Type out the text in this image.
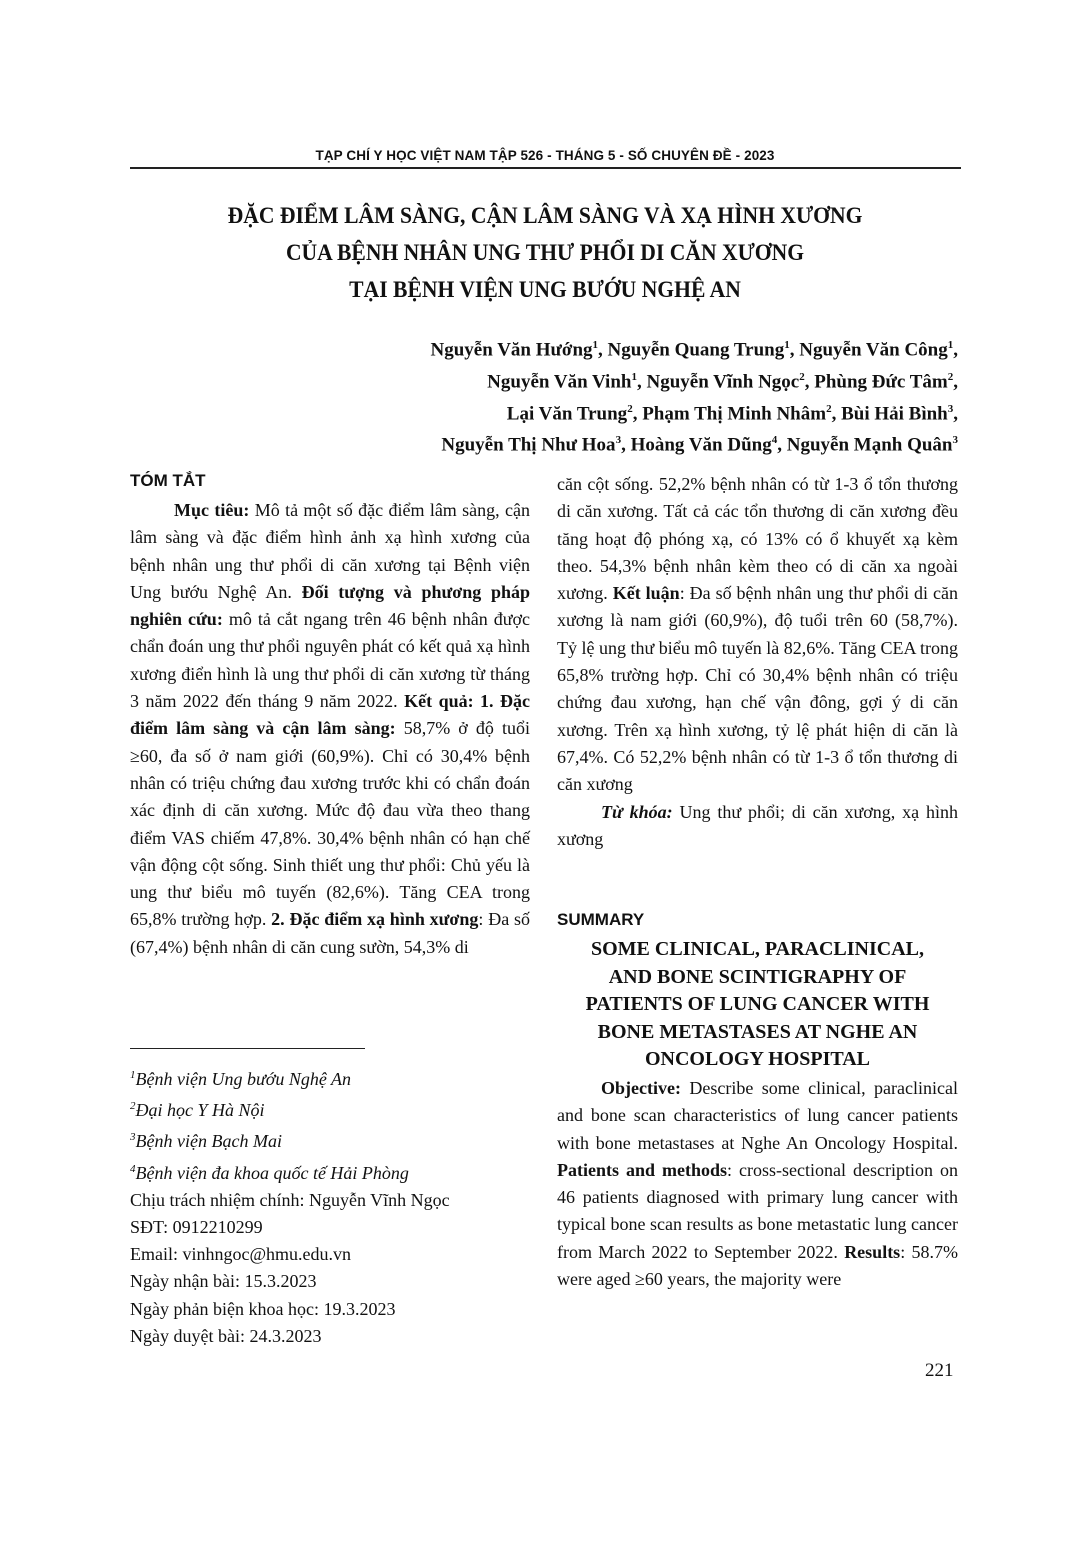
TẠP CHÍ Y HỌC VIỆT NAM TẬP 526 - THÁNG 5 - SỐ CHUYÊN ĐỀ - 2023
ĐẶC ĐIỂM LÂM SÀNG, CẬN LÂM SÀNG VÀ XẠ HÌNH XƯƠNG
CỦA BỆNH NHÂN UNG THƯ PHỔI DI CĂN XƯƠNG
TẠI BỆNH VIỆN UNG BƯỚU NGHỆ AN
Nguyễn Văn Hướng$^1$, Nguyễn Quang Trung$^1$, Nguyễn Văn Công$^1$,
Nguyễn Văn Vinh$^1$, Nguyễn Vĩnh Ngọc$^2$, Phùng Đức Tâm$^2$,
Lại Văn Trung$^2$, Phạm Thị Minh Nhâm$^2$, Bùi Hải Bình$^3$,
Nguyễn Thị Như Hoa$^3$, Hoàng Văn Dũng$^4$, Nguyễn Mạnh Quân$^3$
TÓM TẮT

Mục tiêu: Mô tả một số đặc điểm lâm sàng, cận lâm sàng và đặc điểm hình ảnh xạ hình xương của bệnh nhân ung thư phổi di căn xương tại Bệnh viện Ung bướu Nghệ An. Đối tượng và phương pháp nghiên cứu: mô tả cắt ngang trên 46 bệnh nhân được chẩn đoán ung thư phổi nguyên phát có kết quả xạ hình xương điển hình là ung thư phổi di căn xương từ tháng 3 năm 2022 đến tháng 9 năm 2022. Kết quả: 1. Đặc điểm lâm sàng và cận lâm sàng: 58,7% ở độ tuổi ≥60, đa số ở nam giới (60,9%). Chỉ có 30,4% bệnh nhân có triệu chứng đau xương trước khi có chẩn đoán xác định di căn xương. Mức độ đau vừa theo thang điểm VAS chiếm 47,8%. 30,4% bệnh nhân có hạn chế vận động cột sống. Sinh thiết ung thư phổi: Chủ yếu là ung thư biểu mô tuyến (82,6%). Tăng CEA trong 65,8% trường hợp. 2. Đặc điểm xạ hình xương: Đa số (67,4%) bệnh nhân di căn cung sườn, 54,3% di

$^1$Bệnh viện Ung bướu Nghệ An
$^2$Đại học Y Hà Nội
$^3$Bệnh viện Bạch Mai
$^4$Bệnh viện đa khoa quốc tế Hải Phòng
Chịu trách nhiệm chính: Nguyễn Vĩnh Ngọc
SĐT: 0912210299
Email: vinhngoc@hmu.edu.vn
Ngày nhận bài: 15.3.2023
Ngày phản biện khoa học: 19.3.2023
Ngày duyệt bài: 24.3.2023

căn cột sống. 52,2% bệnh nhân có từ 1-3 ổ tổn thương di căn xương. Tất cả các tổn thương di căn xương đều tăng hoạt độ phóng xạ, có 13% có ổ khuyết xạ kèm theo. 54,3% bệnh nhân kèm theo có di căn xa ngoài xương. Kết luận: Đa số bệnh nhân ung thư phổi di căn xương là nam giới (60,9%), độ tuổi trên 60 (58,7%). Tỷ lệ ung thư biểu mô tuyến là 82,6%. Tăng CEA trong 65,8% trường hợp. Chỉ có 30,4% bệnh nhân có triệu chứng đau xương, hạn chế vận đông, gợi ý di căn xương. Trên xạ hình xương, tỷ lệ phát hiện di căn là 67,4%. Có 52,2% bệnh nhân có từ 1-3 ổ tổn thương di căn xương

Từ khóa: Ung thư phổi; di căn xương, xạ hình xương

SUMMARY
SOME CLINICAL, PARACLINICAL,
AND BONE SCINTIGRAPHY OF
PATIENTS OF LUNG CANCER WITH
BONE METASTASES AT NGHE AN
ONCOLOGY HOSPITAL

Objective: Describe some clinical, paraclinical and bone scan characteristics of lung cancer patients with bone metastases at Nghe An Oncology Hospital. Patients and methods: cross-sectional description on 46 patients diagnosed with primary lung cancer with typical bone scan results as bone metastatic lung cancer from March 2022 to September 2022. Results: 58.7% were aged ≥60 years, the majority were

221
